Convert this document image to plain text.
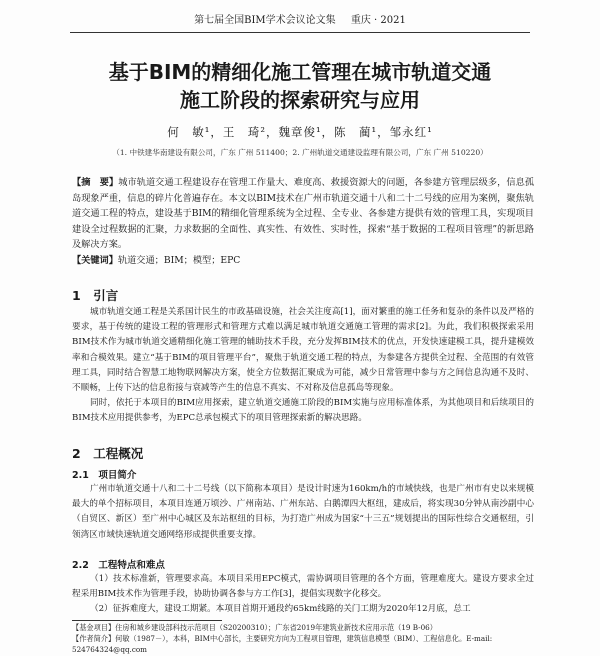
第七届全国BIM学术会议论文集 重庆 · 2021
基于BIM的精细化施工管理在城市轨道交通
施工阶段的探索研究与应用
何　敏¹，王　琦²，魏章俊¹，陈　蔺¹，邹永红¹
（1. 中铁建华南建设有限公司，广东 广州 511400；2. 广州轨道交通建设监理有限公司，广东 广州 510220）
【摘　要】城市轨道交通工程建设存在管理工作量大、难度高、救援资源大的问题，各参建方管理层级多，信息孤岛现象严重，信息的碎片化普遍存在。本文以BIM技术在广州市轨道交通十八和二十二号线的应用为案例，聚焦轨道交通工程的特点，建设基于BIM的精细化管理系统为全过程、全专业、各参建方提供有效的管理工具，实现项目建设全过程数据的汇聚，力求数据的全面性、真实性、有效性、实时性，探索“基于数据的工程项目管理”的新思路及解决方案。
【关键词】轨道交通；BIM；模型；EPC
1　引言

城市轨道交通工程是关系国计民生的市政基础设施，社会关注度高[1]，面对繁重的施工任务和复杂的条件以及严格的要求，基于传统的建设工程的管理形式和管理方式难以满足城市轨道交通施工管理的需求[2]。为此，我们积极探索采用BIM技术作为城市轨道交通精细化施工管理的辅助技术手段，充分发挥BIM技术的优点，开发快速建模工具，提升建模效率和合模效果。建立“基于BIM的项目管理平台”，聚焦于轨道交通工程的特点，为参建各方提供全过程、全范围的有效管理工具，同时结合智慧工地物联网解决方案，使全方位数据汇聚成为可能，减少日常管理中参与方之间信息沟通不及时、不顺畅，上传下达的信息衔接与衰减等产生的信息不真实、不对称及信息孤岛等现象。

同时，依托于本项目的BIM应用探索，建立轨道交通施工阶段的BIM实施与应用标准体系，为其他项目和后续项目的BIM技术应用提供参考，为EPC总承包模式下的项目管理探索新的解决思路。

2　工程概况
2.1　项目简介

广州市轨道交通十八和二十二号线（以下简称本项目）是设计时速为160km/h的市域快线，也是广州市有史以来规模最大的单个招标项目，本项目连通万顷沙、广州南站、广州东站、白鹅潭四大枢纽，建成后，将实现30分钟从南沙副中心（自贸区、新区）至广州中心城区及东站枢纽的目标，为打造广州成为国家“十三五”规划提出的国际性综合交通枢纽，引领湾区市域快速轨道交通网络形成提供重要支撑。

2.2　工程特点和难点

（1）技术标准新，管理要求高。本项目采用EPC模式，需协调项目管理的各个方面，管理难度大。建设方要求全过程采用BIM技术作为管理手段，协助协调各参与方工作[3]，提倡实现数字化移交。

（2）征拆难度大，建设工期紧。本项目首期开通段约65km线路的关门工期为2020年12月底，总工

【基金项目】住房和城乡建设部科技示范项目（S20200310）；广东省2019年建筑业新技术应用示范（19 B-06）
【作者简介】何敏（1987－），本科，BIM中心部长，主要研究方向为工程项目管理，建筑信息模型（BIM）、工程信息化。E-mail:
524764324@qq.com
